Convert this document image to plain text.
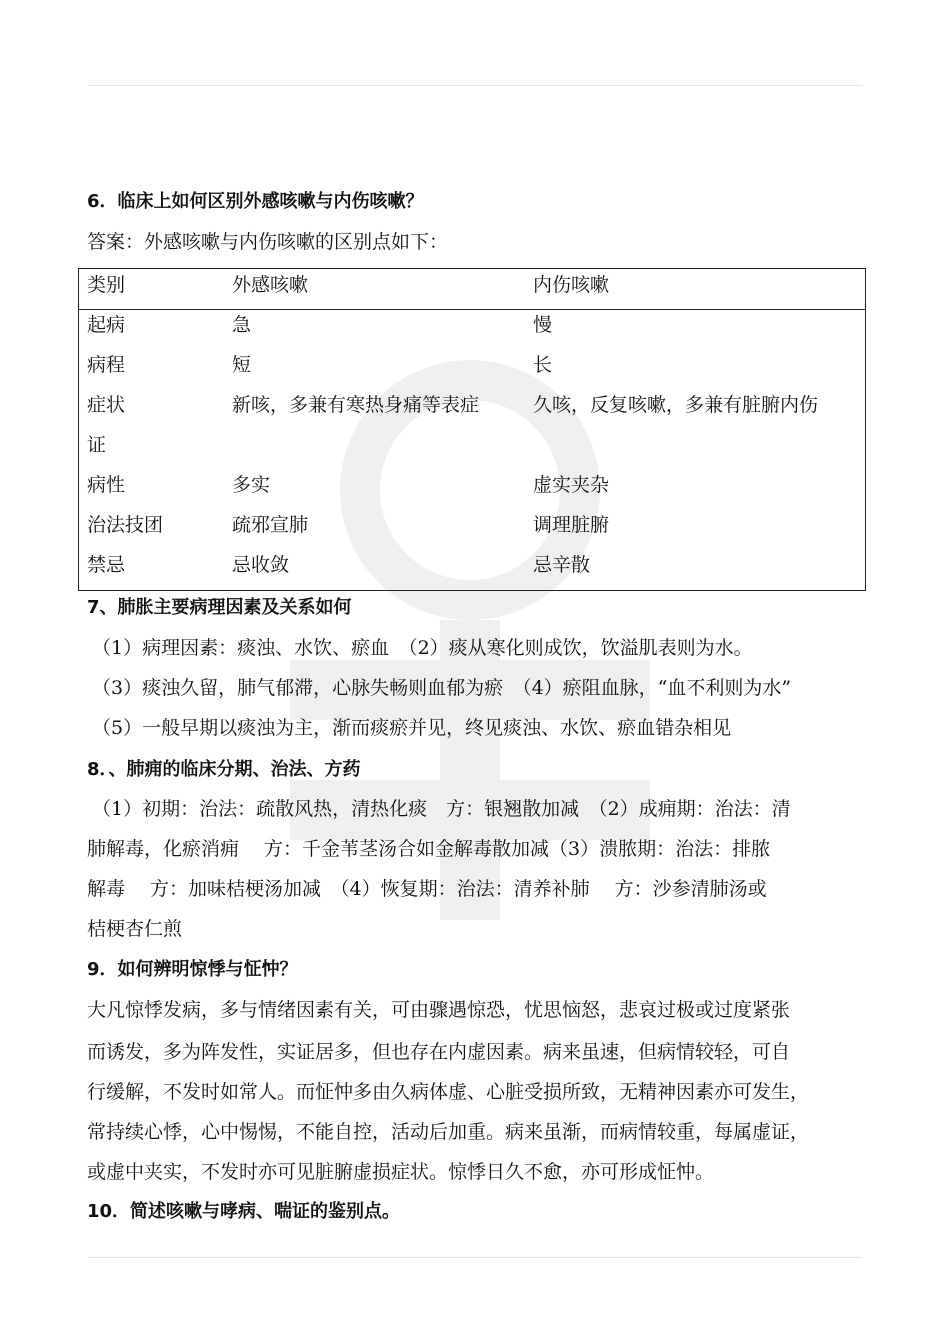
6．临床上如何区别外感咳嗽与内伤咳嗽？
答案：外感咳嗽与内伤咳嗽的区别点如下：
类别	外感咳嗽	内伤咳嗽
起病	急	慢
病程	短	长
症状	新咳，多兼有寒热身痛等表症	久咳，反复咳嗽，多兼有脏腑内伤
证
病性	多实	虚实夹杂
治法技团	疏邪宣肺	调理脏腑
禁忌	忌收敛	忌辛散
7、肺胀主要病理因素及关系如何
（1）病理因素：痰浊、水饮、瘀血　（2）痰从寒化则成饮，饮溢肌表则为水。
（3）痰浊久留，肺气郁滞，心脉失畅则血郁为瘀　（4）瘀阻血脉，“血不利则为水”
（5）一般早期以痰浊为主，渐而痰瘀并见，终见痰浊、水饮、瘀血错杂相见
8．、肺痈的临床分期、治法、方药
（1）初期：治法：疏散风热，清热化痰　方：银翘散加减　（2）成痈期：治法：清
肺解毒，化瘀消痈　 方：千金苇茎汤合如金解毒散加减（3）溃脓期：治法：排脓
解毒　 方：加味桔梗汤加减　（4）恢复期：治法：清养补肺　 方：沙参清肺汤或
桔梗杏仁煎
9．如何辨明惊悸与怔忡？
大凡惊悸发病，多与情绪因素有关，可由骤遇惊恐，忧思恼怒，悲哀过极或过度紧张
而诱发，多为阵发性，实证居多，但也存在内虚因素。病来虽速，但病情较轻，可自
行缓解，不发时如常人。而怔忡多由久病体虚、心脏受损所致，无精神因素亦可发生，
常持续心悸，心中惕惕，不能自控，活动后加重。病来虽渐，而病情较重，每属虚证，
或虚中夹实，不发时亦可见脏腑虚损症状。惊悸日久不愈，亦可形成怔忡。
10．简述咳嗽与哮病、喘证的鉴别点。
